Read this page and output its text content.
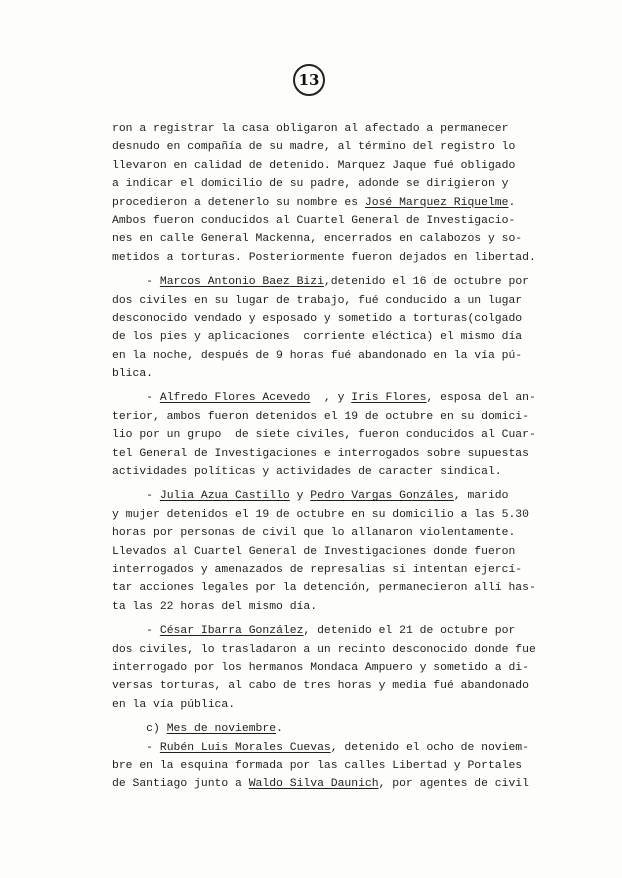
13
ron a registrar la casa obligaron al afectado a permanecer
desnudo en compañía de su madre, al término del registro lo
llevaron en calidad de detenido. Marquez Jaque fué obligado
a indicar el domicilio de su padre, adonde se dirigieron y
procedieron a detenerlo su nombre es José Marquez Riquelme.
Ambos fueron conducidos al Cuartel General de Investigacio-
nes en calle General Mackenna, encerrados en calabozos y so-
metidos a torturas. Posteriormente fueron dejados en libertad.
- Marcos Antonio Baez Bizi,detenido el 16 de octubre por
dos civiles en su lugar de trabajo, fué conducido a un lugar
desconocido vendado y esposado y sometido a torturas(colgado
de los pies y aplicaciones  corriente eléctica) el mismo día
en la noche, después de 9 horas fué abandonado en la vía pú-
blica.
- Alfredo Flores Acevedo  , y Iris Flores, esposa del an-
terior, ambos fueron detenidos el 19 de octubre en su domici-
lio por un grupo  de siete civiles, fueron conducidos al Cuar-
tel General de Investigaciones e interrogados sobre supuestas
actividades políticas y actividades de caracter sindical.
- Julia Azua Castillo y Pedro Vargas Gonzáles, marido
y mujer detenidos el 19 de octubre en su domicilio a las 5.30
horas por personas de civil que lo allanaron violentamente.
Llevados al Cuartel General de Investigaciones donde fueron
interrogados y amenazados de represalias si intentan ejercí-
tar acciones legales por la detención, permanecieron allí has-
ta las 22 horas del mismo día.
- César Ibarra González, detenido el 21 de octubre por
dos civiles, lo trasladaron a un recinto desconocido donde fue
interrogado por los hermanos Mondaca Ampuero y sometido a di-
versas torturas, al cabo de tres horas y media fué abandonado
en la vía pública.
c) Mes de noviembre.
- Rubén Luis Morales Cuevas, detenido el ocho de noviem-
bre en la esquina formada por las calles Libertad y Portales
de Santiago junto a Waldo Silva Daunich, por agentes de civil
